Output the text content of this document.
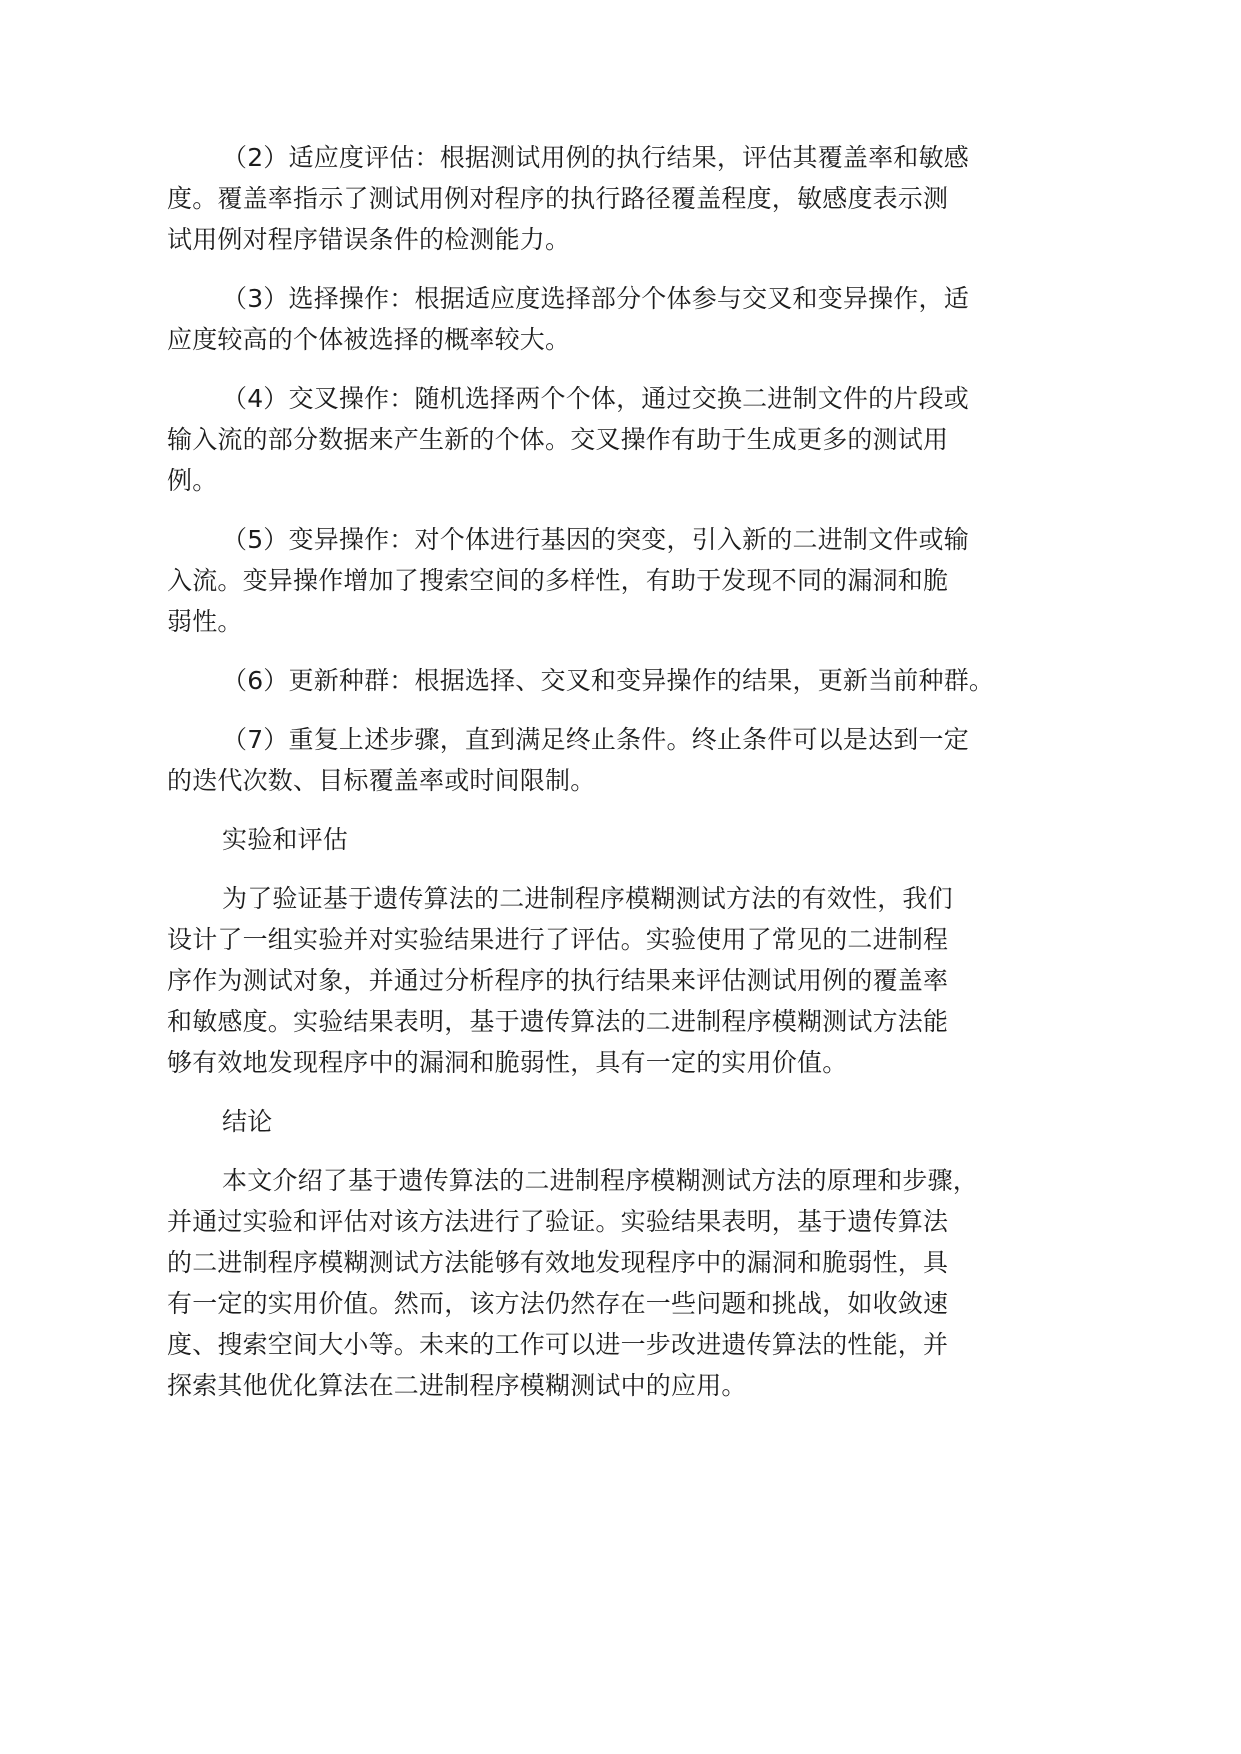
（2）适应度评估：根据测试用例的执行结果，评估其覆盖率和敏感
度。覆盖率指示了测试用例对程序的执行路径覆盖程度，敏感度表示测
试用例对程序错误条件的检测能力。
（3）选择操作：根据适应度选择部分个体参与交叉和变异操作，适
应度较高的个体被选择的概率较大。
（4）交叉操作：随机选择两个个体，通过交换二进制文件的片段或
输入流的部分数据来产生新的个体。交叉操作有助于生成更多的测试用
例。
（5）变异操作：对个体进行基因的突变，引入新的二进制文件或输
入流。变异操作增加了搜索空间的多样性，有助于发现不同的漏洞和脆
弱性。
（6）更新种群：根据选择、交叉和变异操作的结果，更新当前种群。
（7）重复上述步骤，直到满足终止条件。终止条件可以是达到一定
的迭代次数、目标覆盖率或时间限制。
实验和评估
为了验证基于遗传算法的二进制程序模糊测试方法的有效性，我们
设计了一组实验并对实验结果进行了评估。实验使用了常见的二进制程
序作为测试对象，并通过分析程序的执行结果来评估测试用例的覆盖率
和敏感度。实验结果表明，基于遗传算法的二进制程序模糊测试方法能
够有效地发现程序中的漏洞和脆弱性，具有一定的实用价值。
结论
本文介绍了基于遗传算法的二进制程序模糊测试方法的原理和步骤，
并通过实验和评估对该方法进行了验证。实验结果表明，基于遗传算法
的二进制程序模糊测试方法能够有效地发现程序中的漏洞和脆弱性，具
有一定的实用价值。然而，该方法仍然存在一些问题和挑战，如收敛速
度、搜索空间大小等。未来的工作可以进一步改进遗传算法的性能，并
探索其他优化算法在二进制程序模糊测试中的应用。
